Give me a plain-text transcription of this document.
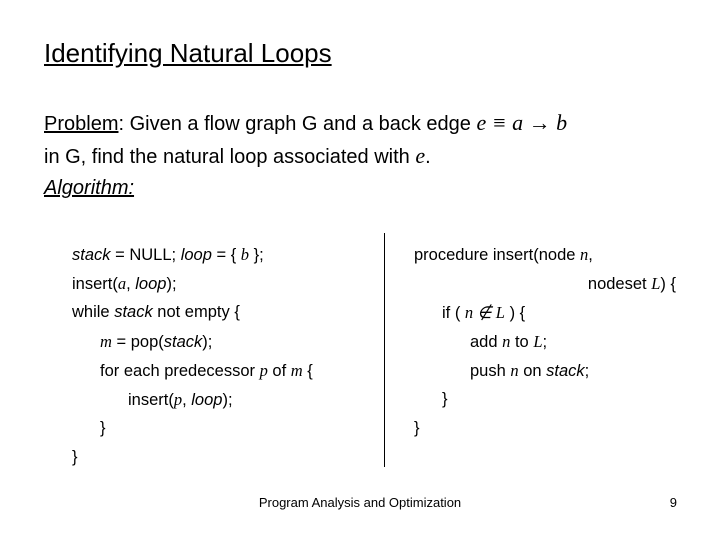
Identifying Natural Loops
Problem: Given a flow graph G and a back edge e ≡ a → b
in G, find the natural loop associated with e.
Algorithm:
stack = NULL; loop = { b };
insert(a, loop);
while stack not empty {
m = pop(stack);
for each predecessor p of m {
insert(p, loop);
}
}
procedure insert(node n,
nodeset L) {
if ( n ∉ L ) {
add n to L;
push n on stack;
}
}
Program Analysis and Optimization	9
